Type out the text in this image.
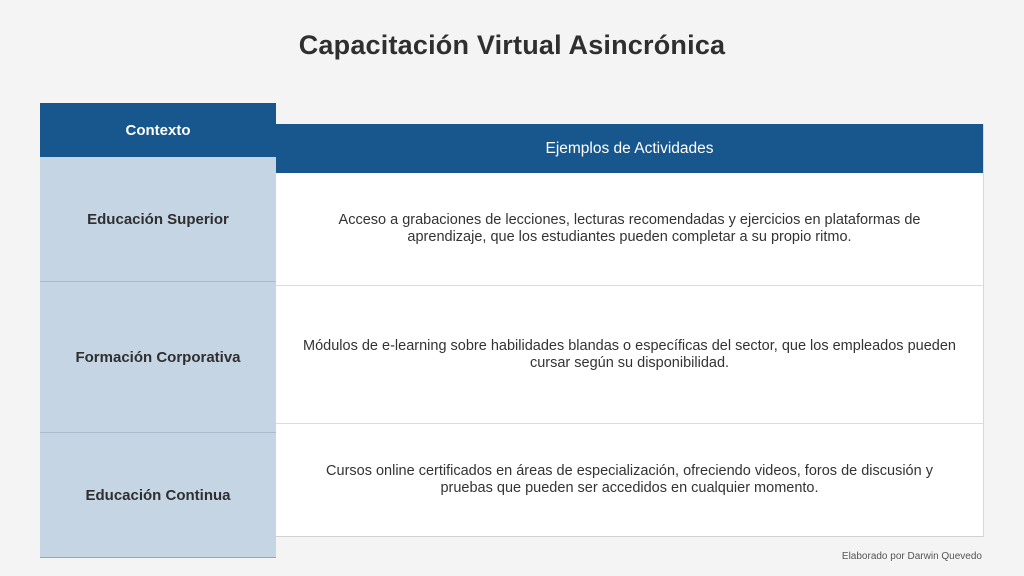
Capacitación Virtual Asincrónica
Contexto
Educación Superior
Formación Corporativa
Educación Continua
Ejemplos de Actividades
Acceso a grabaciones de lecciones, lecturas recomendadas y ejercicios en plataformas de aprendizaje, que los estudiantes pueden completar a su propio ritmo.
Módulos de e-learning sobre habilidades blandas o específicas del sector, que los empleados pueden cursar según su disponibilidad.
Cursos online certificados en áreas de especialización, ofreciendo videos, foros de discusión y pruebas que pueden ser accedidos en cualquier momento.
Elaborado por Darwin Quevedo
